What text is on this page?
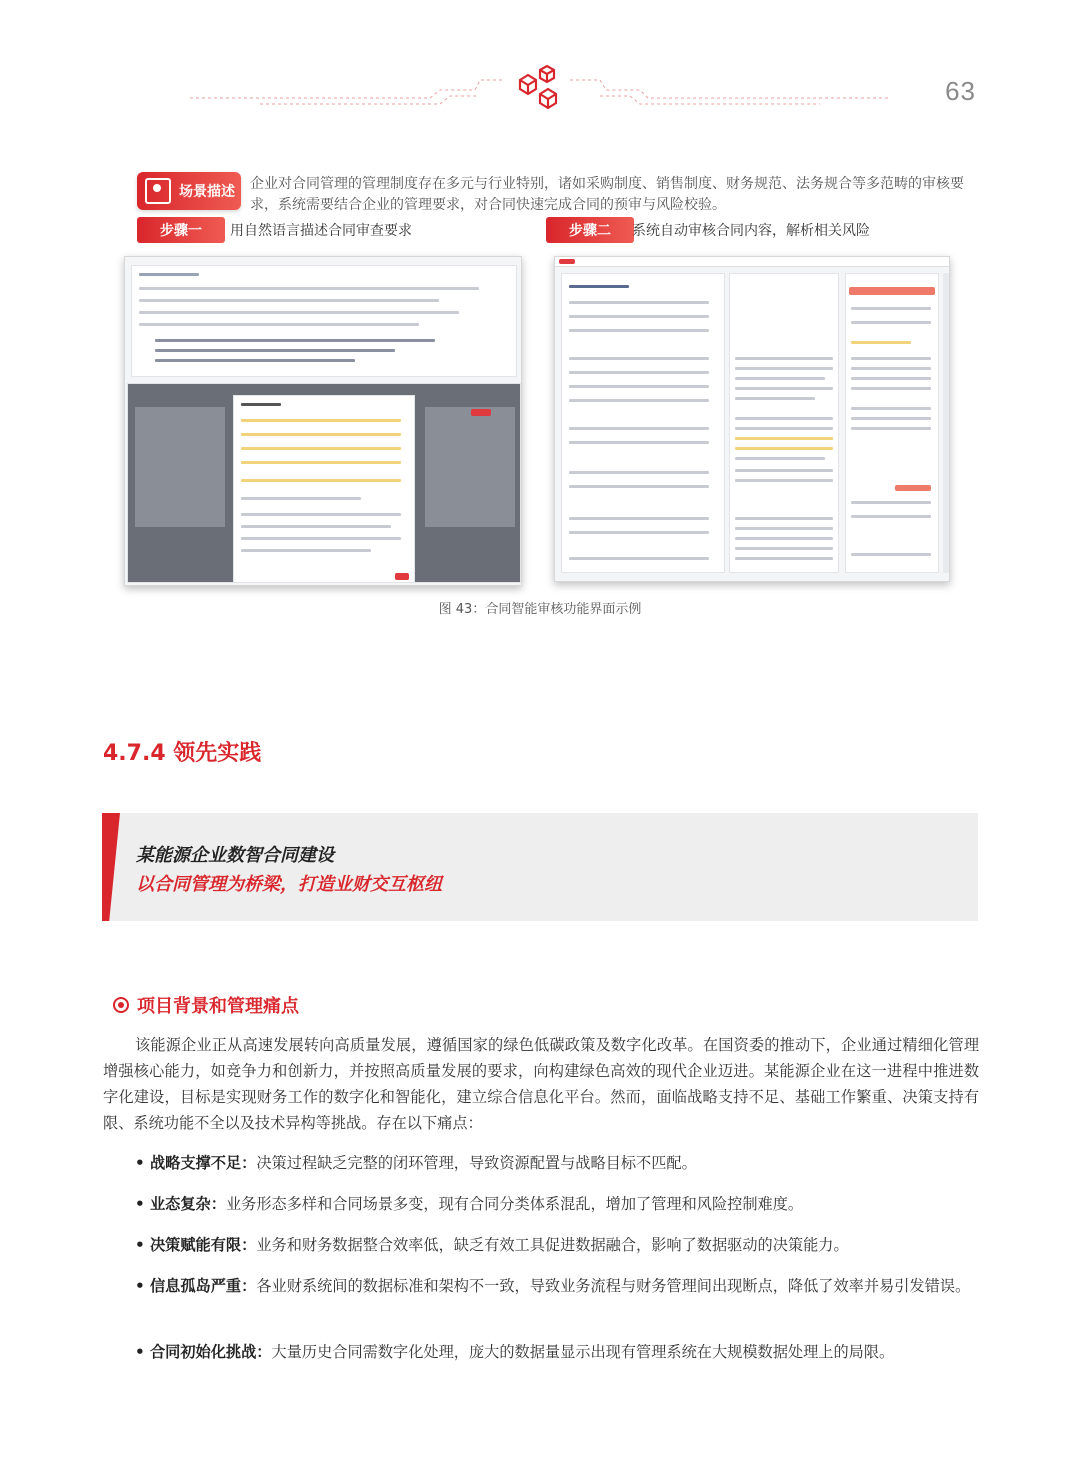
63
场景描述 企业对合同管理的管理制度存在多元与行业特别，诸如采购制度、销售制度、财务规范、法务规合等多范畴的审核要求，系统需要结合企业的管理要求，对合同快速完成合同的预审与风险校验。
步骤一	用自然语言描述合同审查要求	步骤二	系统自动审核合同内容，解析相关风险
图 43：合同智能审核功能界面示例
4.7.4 领先实践
某能源企业数智合同建设
以合同管理为桥梁，打造业财交互枢纽
项目背景和管理痛点
该能源企业正从高速发展转向高质量发展，遵循国家的绿色低碳政策及数字化改革。在国资委的推动下，企业通过精细化管理增强核心能力，如竞争力和创新力，并按照高质量发展的要求，向构建绿色高效的现代企业迈进。某能源企业在这一进程中推进数字化建设，目标是实现财务工作的数字化和智能化，建立综合信息化平台。然而，面临战略支持不足、基础工作繁重、决策支持有限、系统功能不全以及技术异构等挑战。存在以下痛点：
• 战略支撑不足：决策过程缺乏完整的闭环管理，导致资源配置与战略目标不匹配。
• 业态复杂：业务形态多样和合同场景多变，现有合同分类体系混乱，增加了管理和风险控制难度。
• 决策赋能有限：业务和财务数据整合效率低，缺乏有效工具促进数据融合，影响了数据驱动的决策能力。
• 信息孤岛严重：各业财系统间的数据标准和架构不一致，导致业务流程与财务管理间出现断点，降低了效率并易引发错误。
• 合同初始化挑战：大量历史合同需数字化处理，庞大的数据量显示出现有管理系统在大规模数据处理上的局限。
